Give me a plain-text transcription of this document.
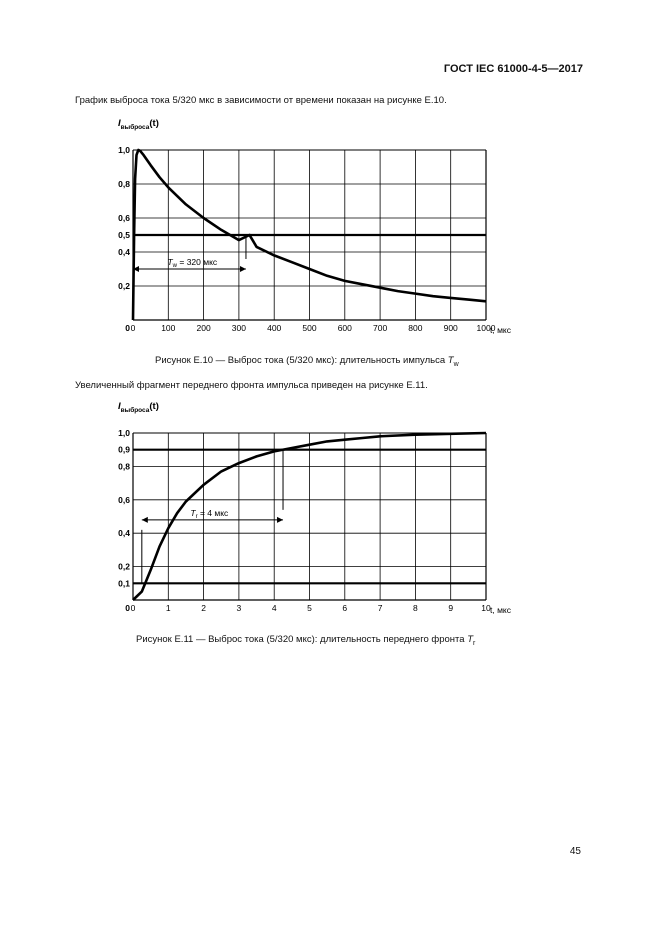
ГОСТ IEC 61000-4-5—2017
График выброса тока 5/320 мкс в зависимости от времени показан на рисунке Е.10.
0	100 200 300 400 500 600 700 800 900 1000
0,2
0,4
0,5
0,6
0,8
1,0
0
$I_{выброса}(t)$
t, мкс
$T_w = 320$ мкс
0	1	2	3	4	5	6	7	8	9	10
0,1
0,2
0,4
0,6
0,8
0,9
1,0
0
$I_{выброса}(t)$
t, мкс
$T_r = 4$ мкс
Рисунок Е.10 — Выброс тока (5/320 мкс): длительность импульса $T_w$
Увеличенный фрагмент переднего фронта импульса приведен на рисунке Е.11.
Рисунок Е.11 — Выброс тока (5/320 мкс): длительность переднего фронта $T_r$
45
